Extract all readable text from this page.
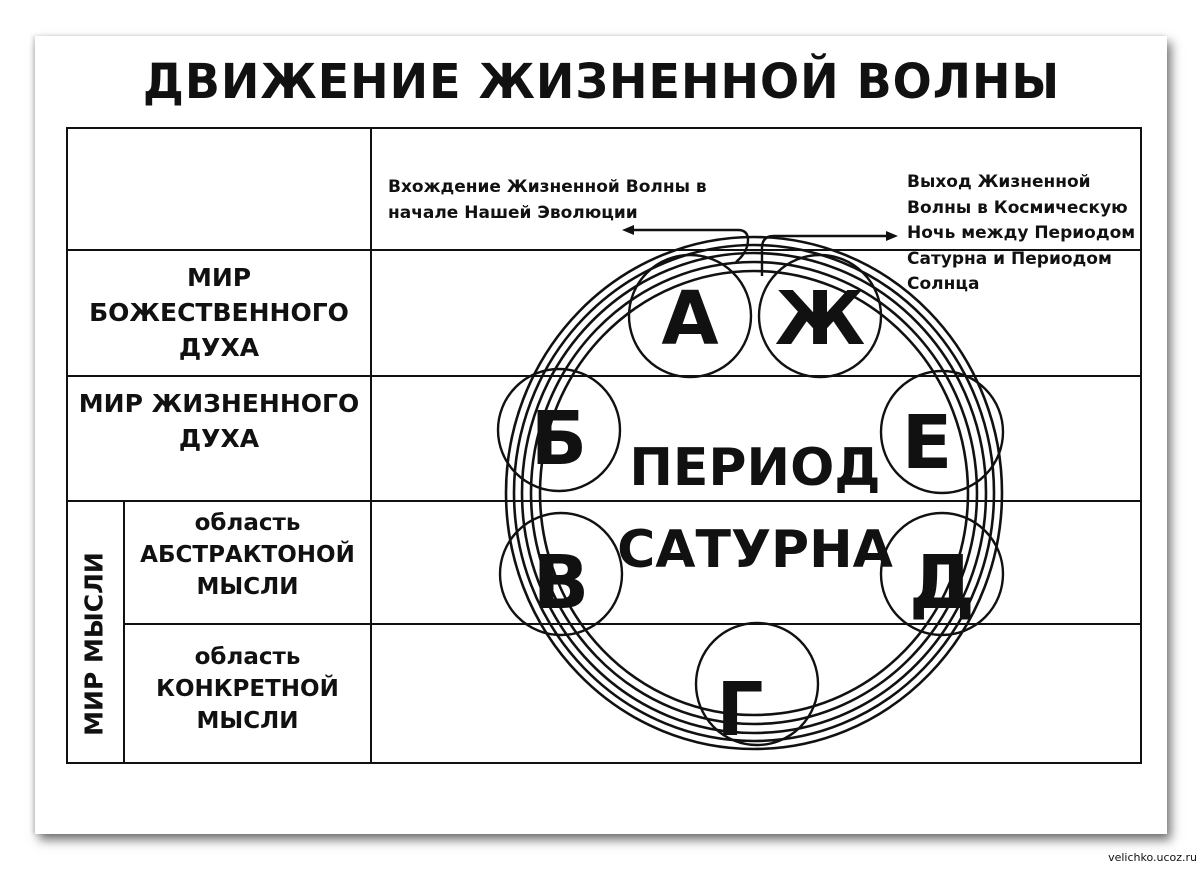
ДВИЖЕНИЕ ЖИЗНЕННОЙ ВОЛНЫ
А
Б
В
Г
Д
Е
Ж
ПЕРИОД
САТУРНА
МИР БОЖЕСТВЕННОГО ДУХА
МИР ЖИЗНЕННОГО ДУХА
область АБСТРАКТОНОЙ МЫСЛИ
область КОНКРЕТНОЙ МЫСЛИ
МИР МЫСЛИ
Вхождение Жизненной Волны в начале Нашей Эволюции
Выход Жизненной Волны в Космическую Ночь между Периодом Сатурна и Периодом Солнца
velichko.ucoz.ru
